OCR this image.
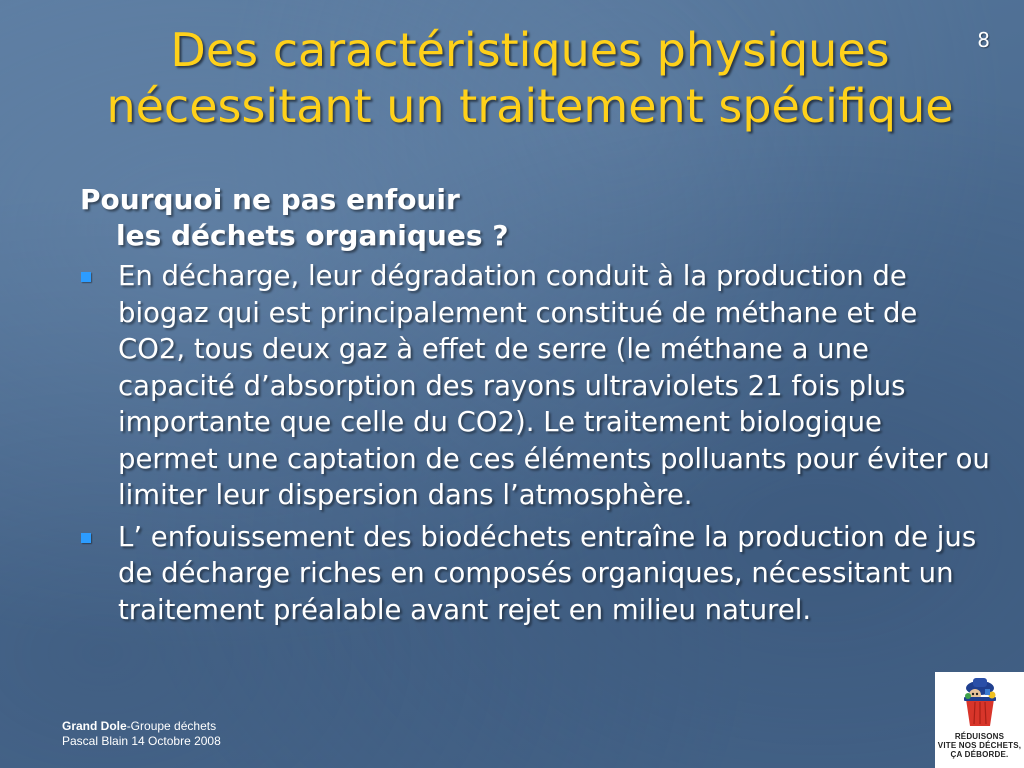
Des caractéristiques physiques
nécessitant un traitement spécifique
8

Pourquoi ne pas enfouir
les déchets organiques ?

En décharge, leur dégradation conduit à la production de biogaz qui est principalement constitué de méthane et de CO2, tous deux gaz à effet de serre (le méthane a une capacité d’absorption des rayons ultraviolets 21 fois plus importante que celle du CO2). Le traitement biologique permet une captation de ces éléments polluants pour éviter ou limiter leur dispersion dans l’atmosphère.
L’ enfouissement des biodéchets entraîne la production de jus de décharge riches en composés organiques, nécessitant un traitement préalable avant rejet en milieu naturel.
Grand Dole-Groupe déchets
Pascal Blain 14 Octobre 2008	RÉDUISONS
VITE NOS DÉCHETS,
ÇA DÉBORDE.
